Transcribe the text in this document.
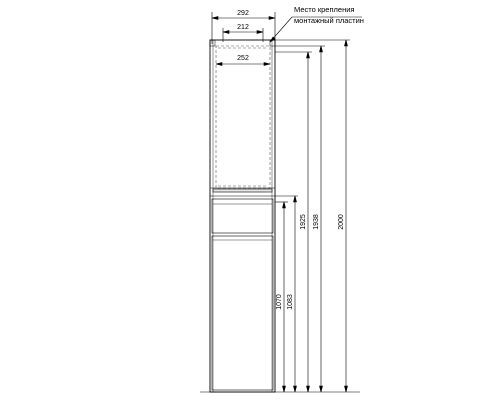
292
212
252
Место крепления
монтажный пластин
2000
1938
1925
1083
1070
